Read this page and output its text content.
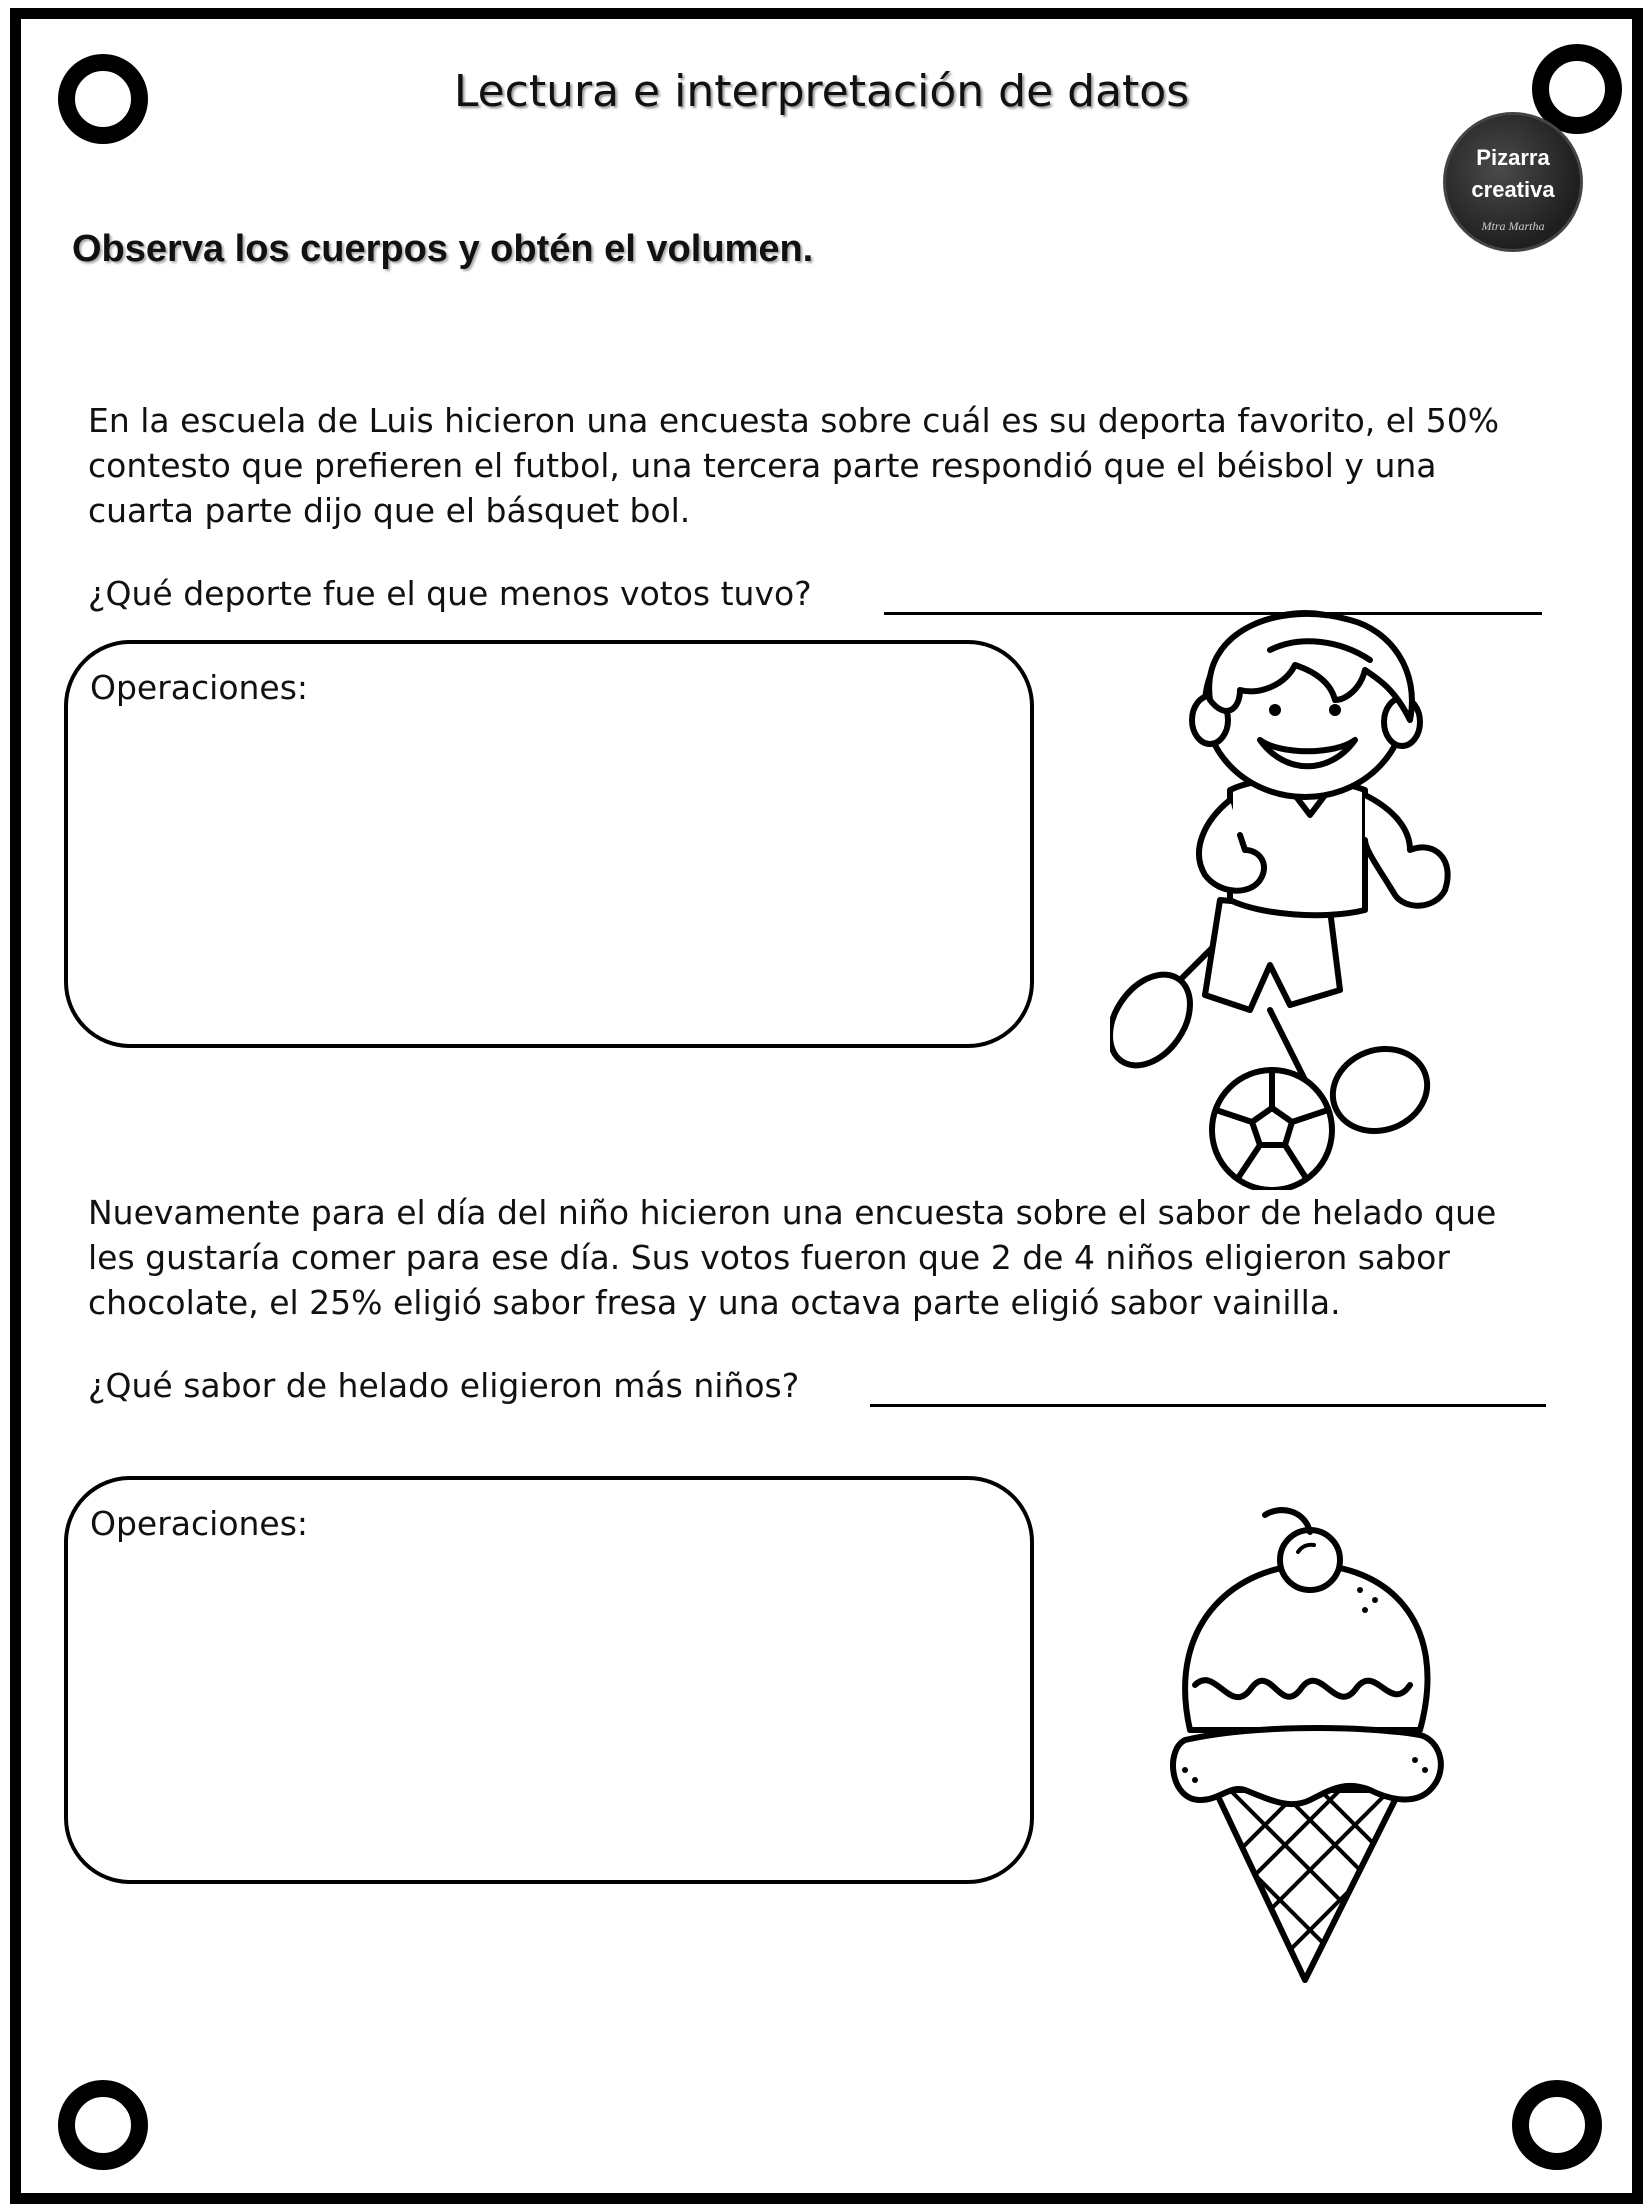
Lectura e interpretación de datos
Pizarra
creativa
Mtra Martha
Observa los cuerpos y obtén el volumen.
En la escuela de Luis hicieron una encuesta sobre cuál es su deporta favorito, el 50% contesto que prefieren el futbol, una tercera parte respondió que el béisbol y una cuarta parte dijo que el básquet bol.
¿Qué deporte fue el que menos votos tuvo?
Operaciones:
Nuevamente para el día del niño hicieron una encuesta sobre el sabor de helado que les gustaría comer para ese día. Sus votos fueron que 2 de 4 niños eligieron sabor chocolate, el 25% eligió sabor fresa y una octava parte eligió sabor vainilla.
¿Qué sabor de helado eligieron más niños?
Operaciones:
